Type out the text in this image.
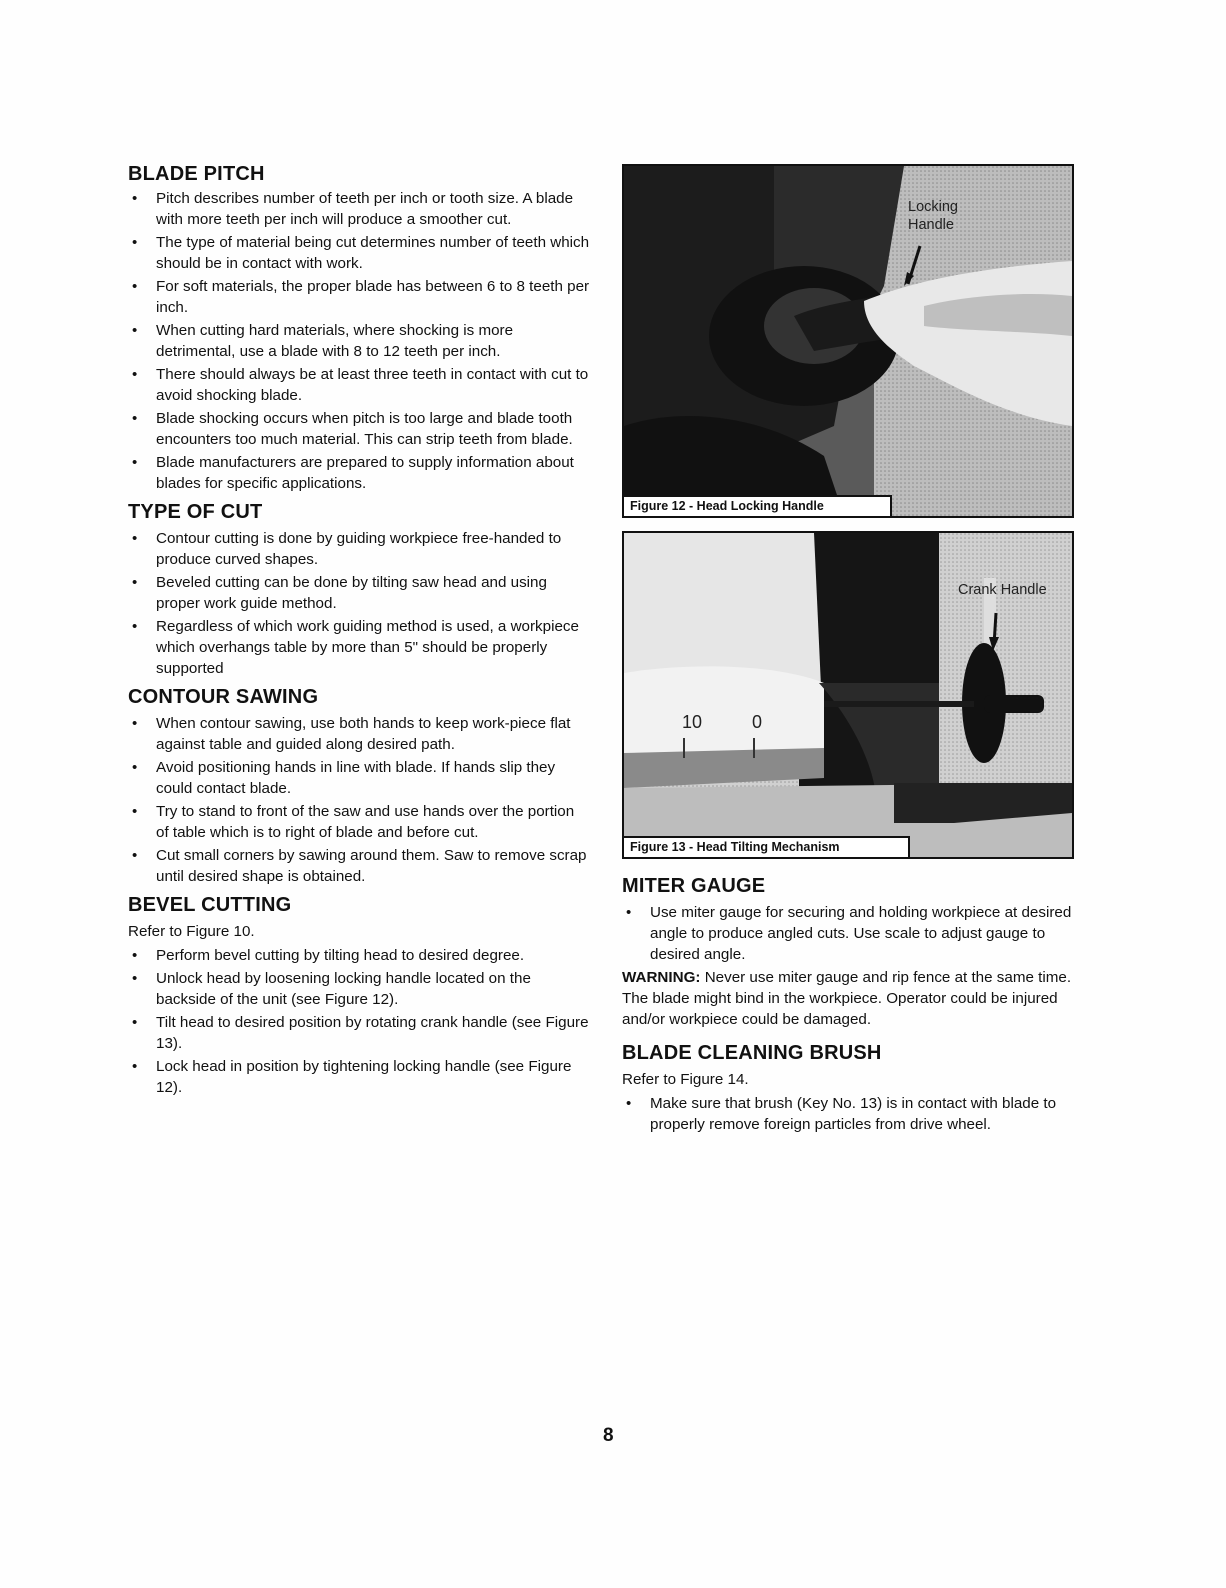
BLADE PITCH
• Pitch describes number of teeth per inch or tooth size. A blade with more teeth per inch will produce a smoother cut.
• The type of material being cut determines number of teeth which should be in contact with work.
• For soft materials, the proper blade has between 6 to 8 teeth per inch.
• When cutting hard materials, where shocking is more detrimental, use a blade with 8 to 12 teeth per inch.
• There should always be at least three teeth in contact with cut to avoid shocking blade.
• Blade shocking occurs when pitch is too large and blade tooth encounters too much material. This can strip teeth from blade.
• Blade manufacturers are prepared to supply information about blades for specific applications.
TYPE OF CUT
• Contour cutting is done by guiding workpiece free-handed to produce curved shapes.
• Beveled cutting can be done by tilting saw head and using proper work guide method.
• Regardless of which work guiding method is used, a workpiece which overhangs table by more than 5" should be properly supported
CONTOUR SAWING
• When contour sawing, use both hands to keep work-piece flat against table and guided along desired path.
• Avoid positioning hands in line with blade. If hands slip they could contact blade.
• Try to stand to front of the saw and use hands over the portion of table which is to right of blade and before cut.
• Cut small corners by sawing around them. Saw to remove scrap until desired shape is obtained.
BEVEL CUTTING

Refer to Figure 10.

• Perform bevel cutting by tilting head to desired degree.
• Unlock head by loosening locking handle located on the backside of the unit (see Figure 12).
• Tilt head to desired position by rotating crank handle (see Figure 13).
• Lock head in position by tightening locking handle (see Figure 12).
Locking
Handle
Figure 12 - Head Locking Handle
Crank Handle
10	0
Figure 13 - Head Tilting Mechanism
MITER GAUGE
• Use miter gauge for securing and holding workpiece at desired angle to produce angled cuts. Use scale to adjust gauge to desired angle.

WARNING: Never use miter gauge and rip fence at the same time. The blade might bind in the workpiece. Operator could be injured and/or workpiece could be damaged.

BLADE CLEANING BRUSH

Refer to Figure 14.

• Make sure that brush (Key No. 13) is in contact with blade to properly remove foreign particles from drive wheel.
8
